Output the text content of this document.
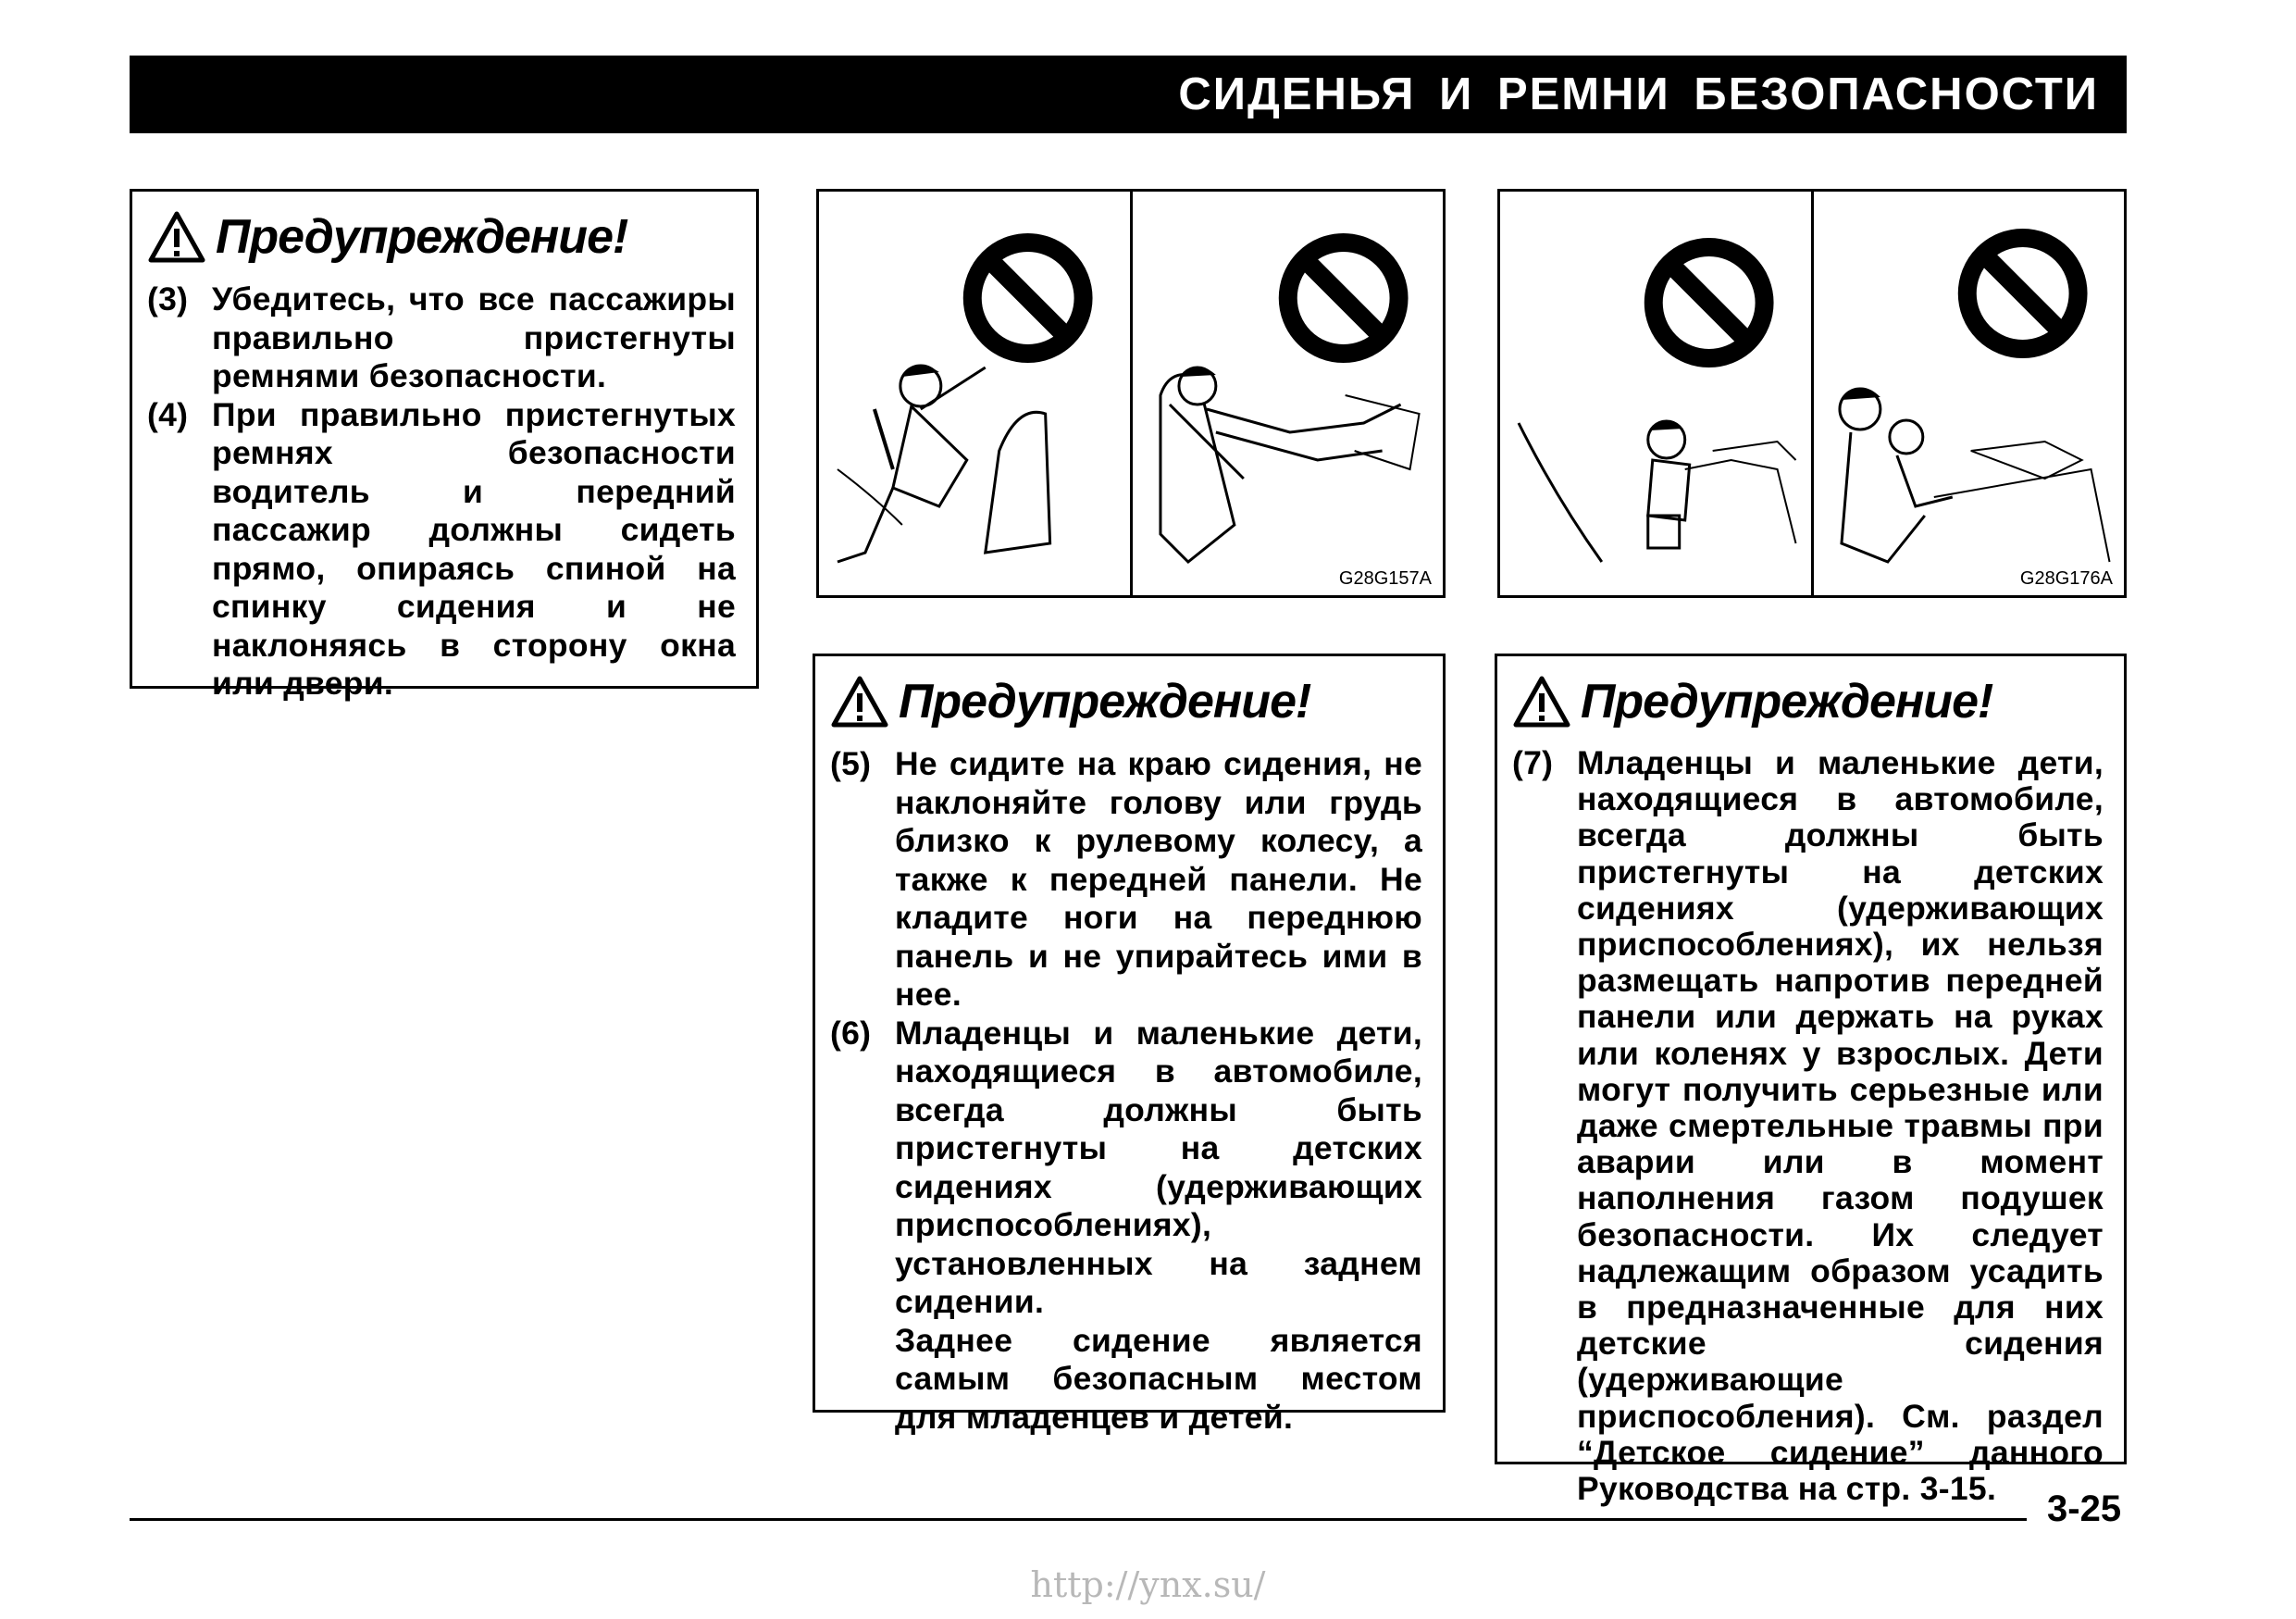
СИДЕНЬЯ И РЕМНИ БЕЗОПАСНОСТИ
Предупреждение!
(3) Убедитесь, что все пассажиры правильно пристегнуты ремнями безопасности.
(4) При правильно пристегнутых ремнях безопасности водитель и передний пассажир должны сидеть прямо, опираясь спиной на спинку сидения и не наклоняясь в сторону окна или двери.
G28G157A	G28G176A
Предупреждение!
(5) Не сидите на краю сидения, не наклоняйте голову или грудь близко к рулевому колесу, а также к передней панели. Не кладите ноги на переднюю панель и не упирайтесь ими в нее.
(6) Младенцы и маленькие дети, находящиеся в автомобиле, всегда должны быть пристегнуты на детских сидениях (удерживающих приспособлениях), установленных на заднем сидении.
Заднее сидение является самым безопасным местом для младенцев и детей.
Предупреждение!
(7) Младенцы и маленькие дети, находящиеся в автомобиле, всегда должны быть пристегнуты на детских сидениях (удерживающих приспособлениях), их нельзя размещать напротив передней панели или держать на руках или коленях у взрослых. Дети могут получить серьезные или даже смертельные травмы при аварии или в момент наполнения газом подушек безопасности. Их следует надлежащим образом усадить в предназначенные для них детские сидения (удерживающие приспособления). См. раздел “Детское сидение” данного Руководства на стр. 3-15.	3-25
http://ynx.su/
